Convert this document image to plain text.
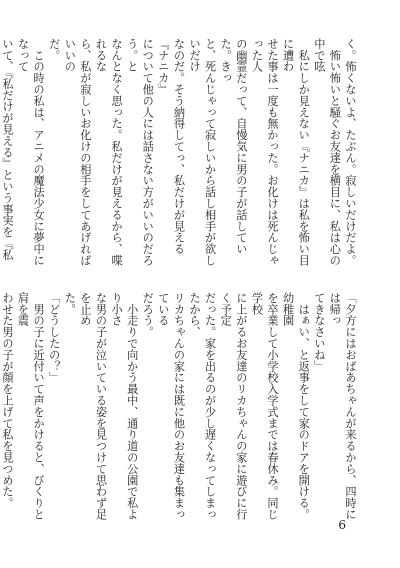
く。怖くないよ、たぶん。寂しいだけだよ。
　怖い怖いと騒ぐお友達を横目に、私は心の中で呟
　私にしか見えない『ナニカ』は私を怖い目に遭わ
せた事は一度も無かった。お化けは死んじゃった人
の幽霊だって、自慢気に男の子が話していた。きっ
と、死んじゃって寂しいから話し相手が欲しいだけ
なのだ。そう納得してっ、私だけが見える『ナニカ』
について他の人には話さない方がいいのだろう。と
なんとなく思った。私だけが見えるから、喋れるな
ら、私が寂しいお化けの相手をしてあげればいいの
だ。
　この時の私は、アニメの魔法少女に夢中になって
いて、『私だけが見える』という事実を『私

「夕方にはおばあちゃんが来るから、四時には帰っ
てきなさいね」
　はぁい、と返事をして家のドアを開ける。幼稚園
を卒業して小学校入学式までは春休み。同じ学校
に上がるお友達のリカちゃんの家に遊びに行く予定
だった。家を出るのが少し遅くなってしまったから、
リカちゃんの家には既に他のお友達も集まっている
だろう。
　小走りで向かう最中、通り道の公園で私より小さ
な男の子が泣いている姿を見つけて思わず足を止め
た。
「どうしたの？」
　男の子に近付いて声をかけると、びくりと肩を震
わせた男の子が顔を上げて私を見つめた。

6
